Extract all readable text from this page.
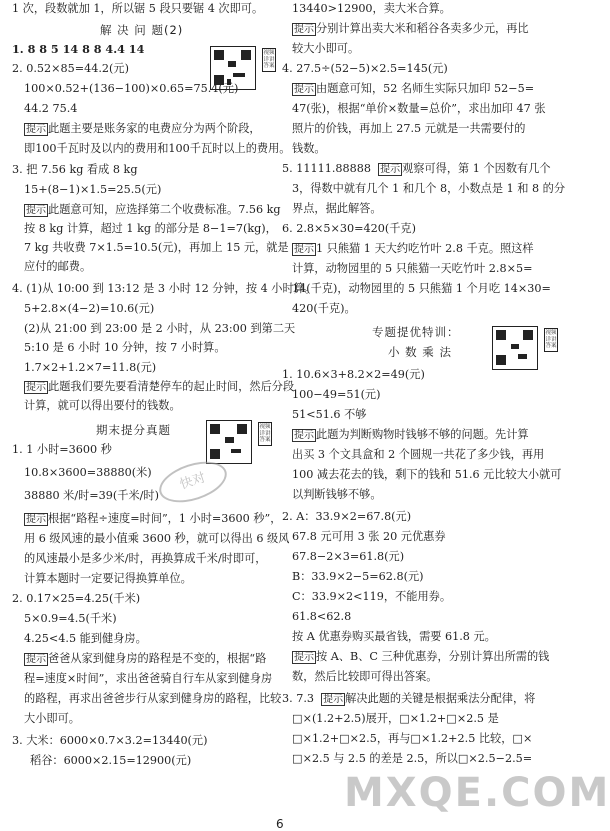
1 次，段数就加 1，所以锯 5 段只要锯 4 次即可。
解 决 问 题(2)
视频详讲答案
1. 8 8 5 14 8 8 4.4 14
2. 0.52×85=44.2(元)
100×0.52+(136−100)×0.65=75.4(元)
44.2 75.4
提示 此题主要是账务家的电费应分为两个阶段，
即100千瓦时及以内的费用和100千瓦时以上的费用。
3. 把 7.56 kg 看成 8 kg
15+(8−1)×1.5=25.5(元)
提示 此题意可知，应选择第二个收费标准。7.56 kg
按 8 kg 计算，超过 1 kg 的部分是 8−1=7(kg)，
7 kg 共收费 7×1.5=10.5(元)，再加上 15 元，就是
应付的邮费。
4. (1)从 10:00 到 13:12 是 3 小时 12 分钟，按 4 小时算。
5+2.8×(4−2)=10.6(元)
(2)从 21:00 到 23:00 是 2 小时，从 23:00 到第二天
5:10 是 6 小时 10 分钟，按 7 小时算。
1.7×2+1.2×7=11.8(元)
提示 此题我们要先要看清楚停车的起止时间，然后分段
计算，就可以得出要付的钱数。
期末提分真题	视频详讲答案
快对
1. 1 小时=3600 秒
10.8×3600=38880(米)
38880 米/时=39(千米/时)
提示 根据“路程÷速度=时间”，1 小时=3600 秒”，
用 6 级风速的最小值乘 3600 秒，就可以得出 6 级风
的风速最小是多少米/时，再换算成千米/时即可，
计算本题时一定要记得换算单位。
2. 0.17×25=4.25(千米)
5×0.9=4.5(千米)
4.25<4.5 能到健身房。
提示 爸爸从家到健身房的路程是不变的，根据“路
程=速度×时间”，求出爸爸骑自行车从家到健身房
的路程，再求出爸爸步行从家到健身房的路程，比较
大小即可。
3. 大米：6000×0.7×3.2=13440(元)
稻谷：6000×2.15=12900(元)
13440>12900，卖大米合算。
提示 分别计算出卖大米和稻谷各卖多少元，再比
较大小即可。
4. 27.5÷(52−5)×2.5=145(元)
提示 由题意可知，52 名师生实际只加印 52−5=
47(张)，根据“单价×数量=总价”，求出加印 47 张
照片的价钱，再加上 27.5 元就是一共需要付的
钱数。
5. 11111.88888 提示 观察可得，第 1 个因数有几个
3，得数中就有几个 1 和几个 8，小数点是 1 和 8 的分
界点，据此解答。
6. 2.8×5×30=420(千克)
提示 1 只熊猫 1 天大约吃竹叶 2.8 千克。照这样
计算，动物园里的 5 只熊猫一天吃竹叶 2.8×5=
14(千克)，动物园里的 5 只熊猫 1 个月吃 14×30=
420(千克)。
专题提优特训：
小 数 乘 法
视频详讲答案
1. 10.6×3+8.2×2=49(元)
100−49=51(元)
51<51.6 不够
提示 此题为判断购物时钱够不够的问题。先计算
出买 3 个文具盒和 2 个圆规一共花了多少钱，再用
100 减去花去的钱，剩下的钱和 51.6 元比较大小就可
以判断钱够不够。
2. A：33.9×2=67.8(元)
67.8 元可用 3 张 20 元优惠券
67.8−2×3=61.8(元)
B：33.9×2−5=62.8(元)
C：33.9×2<119，不能用券。
61.8<62.8
按 A 优惠券购买最省钱，需要 61.8 元。
提示 按 A、B、C 三种优惠券，分别计算出所需的钱
数，然后比较即可得出答案。
3. 7.3 提示 解决此题的关键是根据乘法分配律，将
□×(1.2+2.5)展开，□×1.2+□×2.5 是
□×1.2+□×2.5，再与□×1.2+2.5 比较，□×
□×2.5 与 2.5 的差是 2.5，所以□×2.5−2.5=
MXQE.COM
6
